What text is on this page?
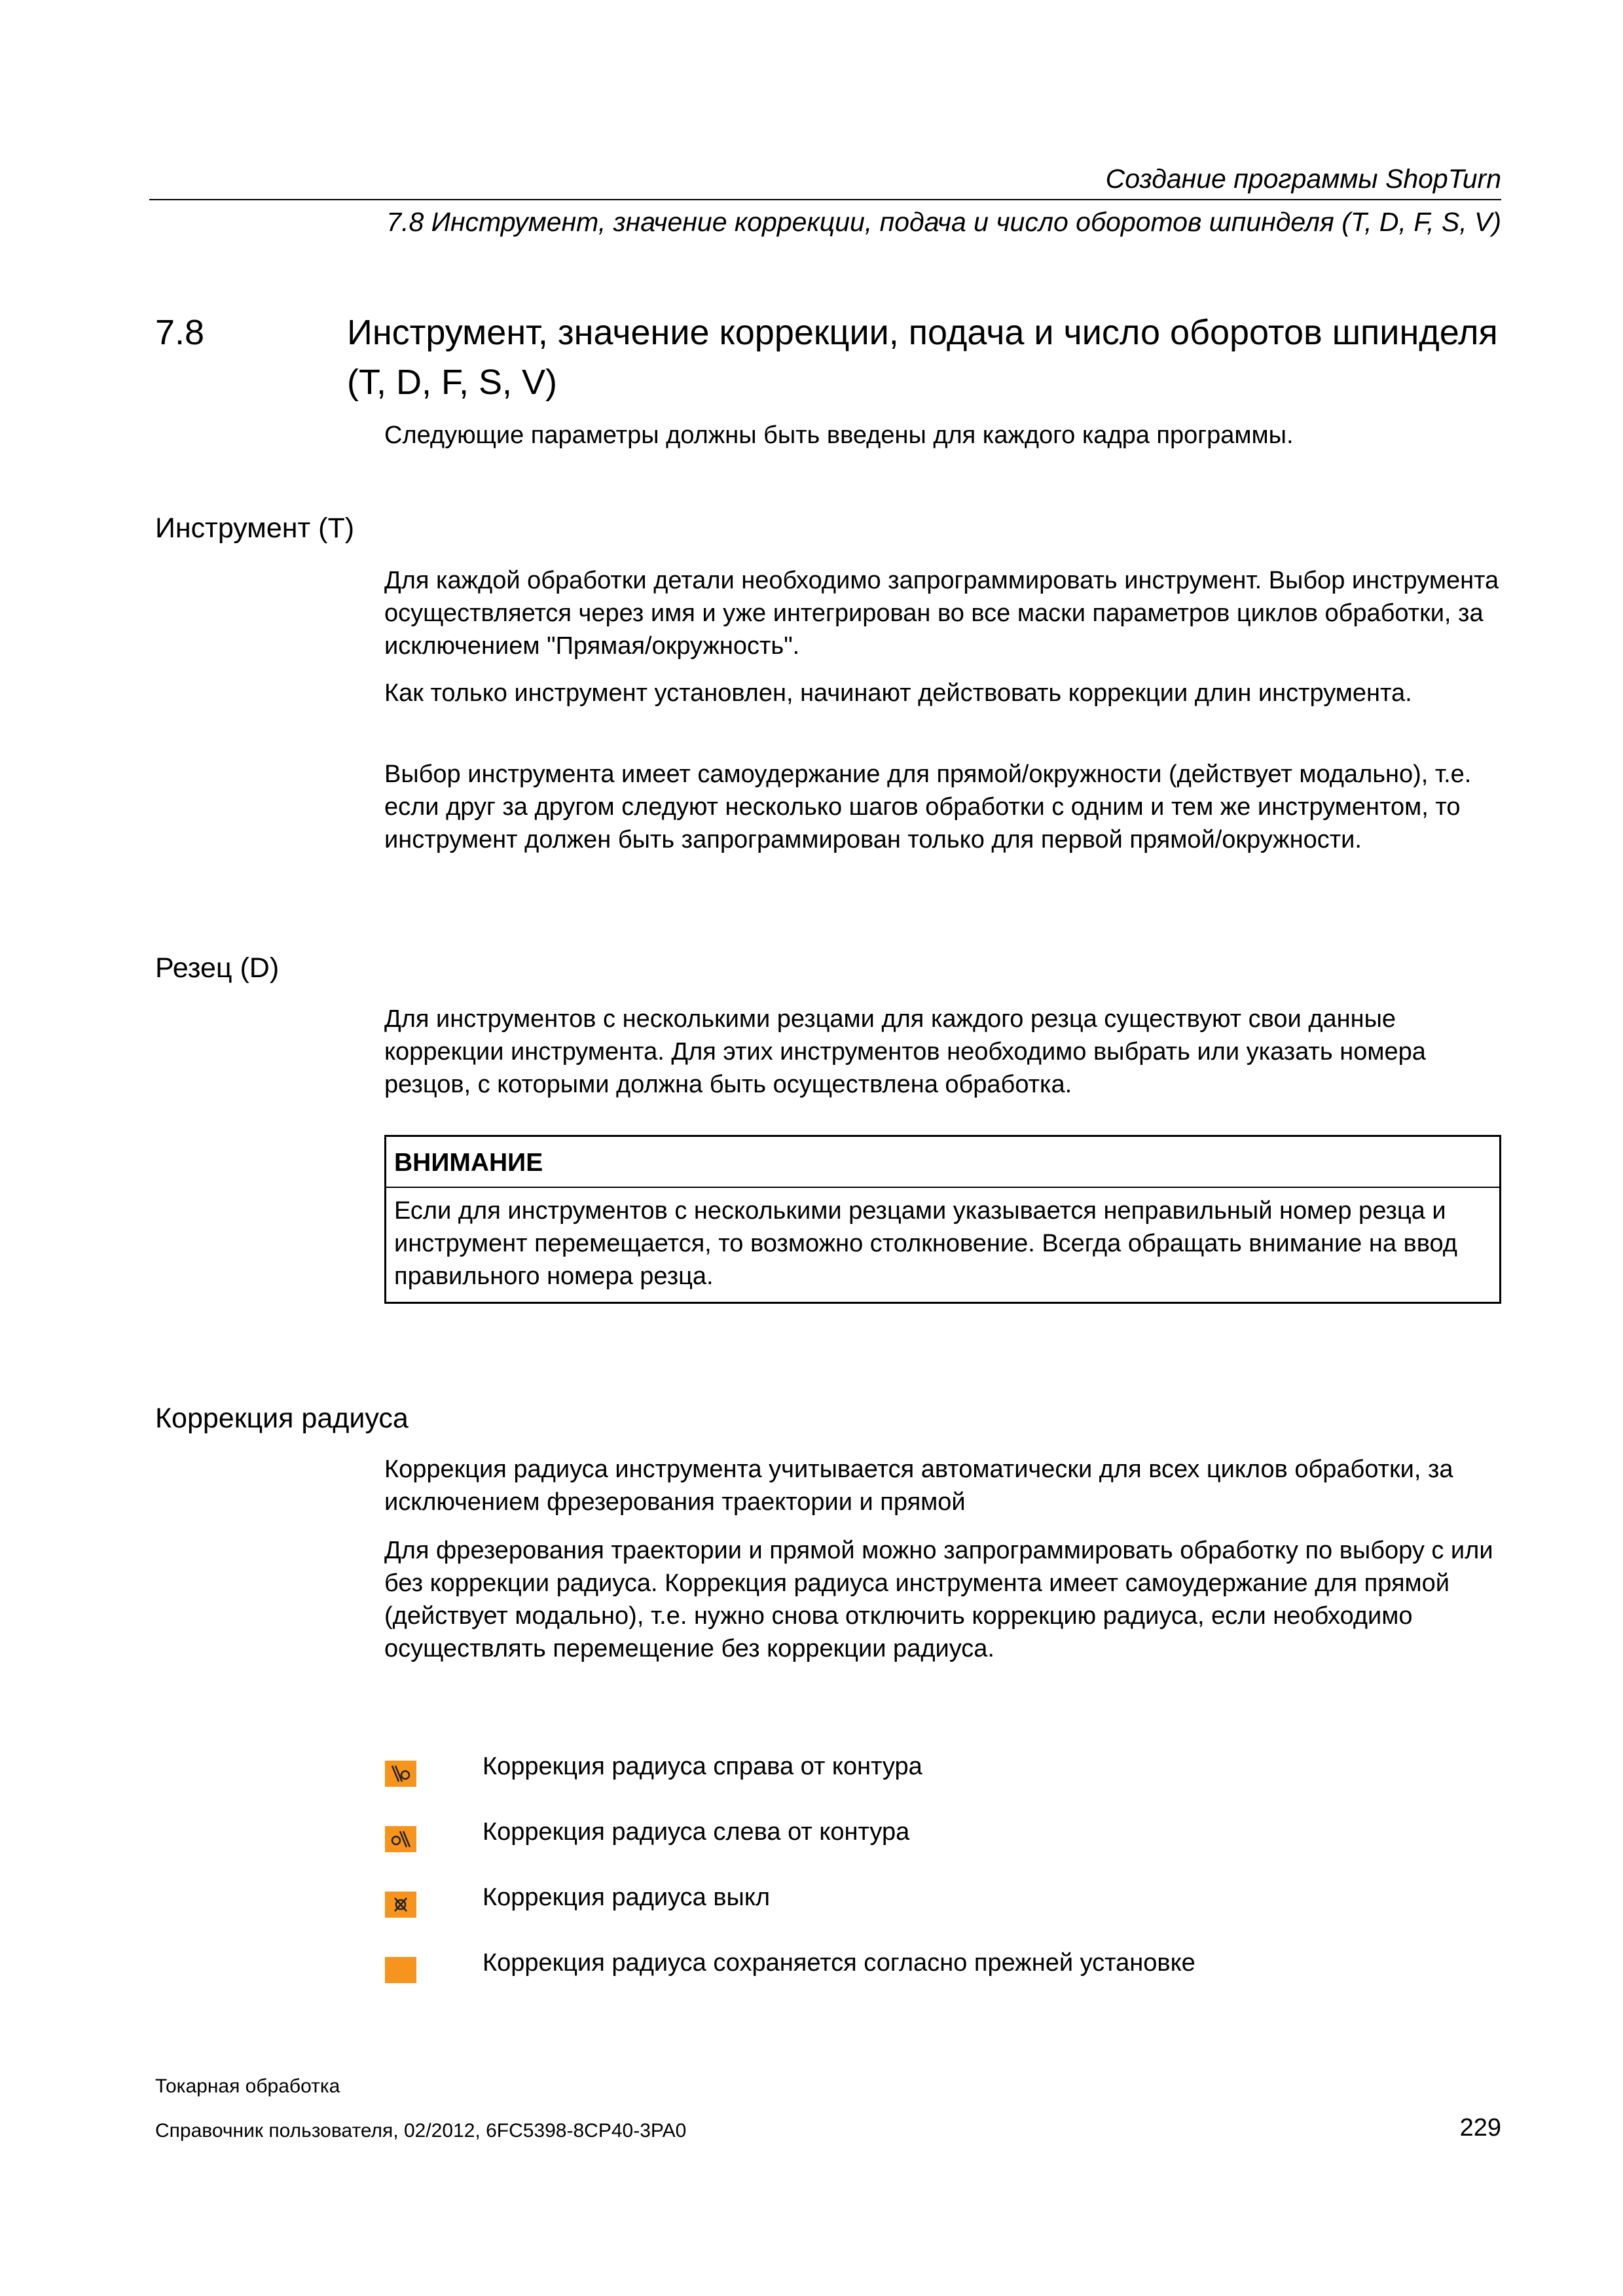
Создание программы ShopTurn
7.8 Инструмент, значение коррекции, подача и число оборотов шпинделя (T, D, F, S, V)
7.8	Инструмент, значение коррекции, подача и число оборотов шпинделя (T, D, F, S, V)

Следующие параметры должны быть введены для каждого кадра программы.

Инструмент (T)

Для каждой обработки детали необходимо запрограммировать инструмент. Выбор инструмента осуществляется через имя и уже интегрирован во все маски параметров циклов обработки, за исключением "Прямая/окружность".

Как только инструмент установлен, начинают действовать коррекции длин инструмента.

Выбор инструмента имеет самоудержание для прямой/окружности (действует модально), т.е. если друг за другом следуют несколько шагов обработки с одним и тем же инструментом, то инструмент должен быть запрограммирован только для первой прямой/окружности.

Резец (D)

Для инструментов с несколькими резцами для каждого резца существуют свои данные коррекции инструмента. Для этих инструментов необходимо выбрать или указать номера резцов, с которыми должна быть осуществлена обработка.

ВНИМАНИЕ
Если для инструментов с несколькими резцами указывается неправильный номер резца и инструмент перемещается, то возможно столкновение. Всегда обращать внимание на ввод правильного номера резца.
Коррекция радиуса

Коррекция радиуса инструмента учитывается автоматически для всех циклов обработки, за исключением фрезерования траектории и прямой

Для фрезерования траектории и прямой можно запрограммировать обработку по выбору с или без коррекции радиуса. Коррекция радиуса инструмента имеет самоудержание для прямой (действует модально), т.е. нужно снова отключить коррекцию радиуса, если необходимо осуществлять перемещение без коррекции радиуса.

Коррекция радиуса справа от контура
Коррекция радиуса слева от контура
Коррекция радиуса выкл
Коррекция радиуса сохраняется согласно прежней установке
Токарная обработка
Справочник пользователя, 02/2012, 6FC5398-8CP40-3PA0	229
